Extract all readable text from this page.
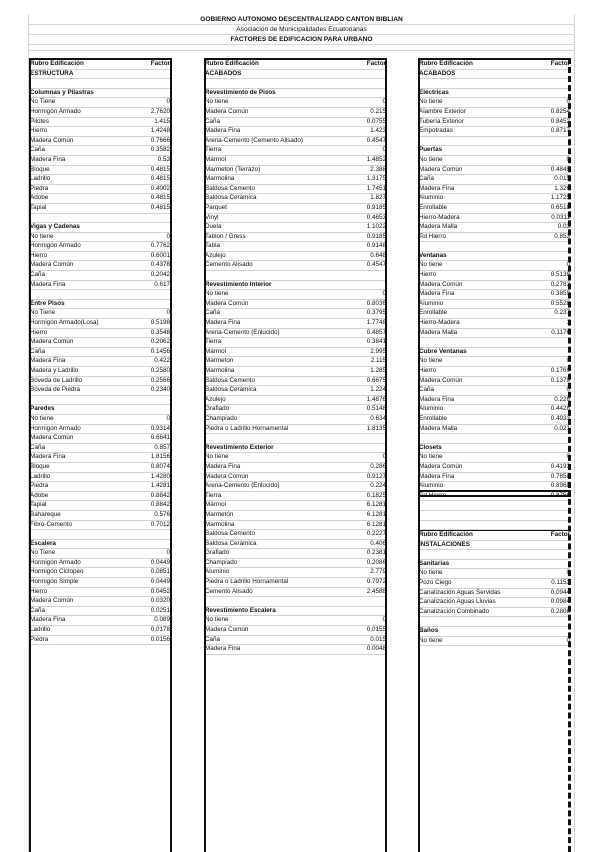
GOBIERNO AUTONOMO DESCENTRALIZADO CANTON BIBLIAN
Asociación de Municipalidades Ecuatorianas
FACTORES DE EDIFICACION PARA URBANO
Rubro Edificación	Factor
ESTRUCTURA
Columnas y Pilastras
No Tiene	0
Hormigón Armado	2.7620
Pilotes	1.415
Hierro	1.4248
Madera Común	0.7666
Caña	0.3582
Madera Fina	0.53
Bloque	0.4815
Ladrillo	0.4815
Piedra	0.4002
Adobe	0.4815
Tapial	0.4815
Vigas y Cadenas
No tiene	0
Hormigón Armado	0.7762
Hierro	0.6001
Madera Común	0.4378
Caña	0.2042
Madera Fina	0.617
Entre Pisos
No Tiene	0
Hormigón Armado(Losa)	0.5198
Hierro	0.3548
Madera Común	0.2062
Caña	0.1456
Madera Fina	0.422
Madera y Ladrillo	0.2580
Bóveda de Ladrillo	0.2566
Bóveda de Piedra	0.2340
Paredes
No tiene	0
Hormigón Armado	0.9314
Madera Común	0.6641
Caña	0.857
Madera Fina	1.8156
Bloque	0.8074
Ladrillo	1.4280
Piedra	1.4281
Adobe	0.8842
Tapial	0.8842
Bahareque	0.576
Fibro-Cemento	0.7012
Escalera
No Tiene	0
Hormigón Armado	0.0449
Hormigón Ciclopeo	0.0851
Hormigón Simple	0.0449
Hierro	0.0452
Madera Común	0.0320
Caña	0.0251
Madera Fina	0.089
Ladrillo	0.0178
Piedra	0.0156
Rubro Edificación	Factor
ACABADOS
Revestimiento de Pisos
No tiene	0
Madera Común	0.215
Caña	0.0755
Madera Fina	1.423
Arena-Cemento (Cemento Alisado)	0.4547
Tierra	0
Mármol	1.4852
Marmeton (Terrazo)	2.388
Marmolina	1.3175
Baldosa Cemento	1.7451
Baldosa Cerámica	1.827
Parquet	0.9185
Vinyl	0.4653
Duela	1.1022
Tablon / Gress	0.9185
Tabla	0.9148
Azulejo	0.648
Cemento Alisado	0.4547
Revestimiento Interior
No tiene	0
Madera Común	0.8036
Caña	0.3795
Madera Fina	1.7748
Arena-Cemento (Enlucido)	0.4857
Tierra	0.3841
Mármol	2.995
Marmeton	2.115
Marmolina	1.285
Baldosa Cemento	0.6675
Baldosa Cerámica	1.224
Azulejo	1.4876
Grafiado	0.5148
Champiado	0.634
Piedra o Ladrillo Hornamental	1.8135
Revestimiento Exterior
No tiene	0
Madera Fina	0.286
Madera Común	0.9127
Arena-Cemento (Enlucido)	0.224
Tierra	0.1825
Mármol	6.1281
Marmetón	6.1281
Marmolina	6.1281
Baldosa Cemento	0.2227
Baldosa Cerámica	0.406
Grafiado	0.2381
Champiado	0.2086
Aluminio	2.779
Piedra o Ladrillo Hornamental	0.7072
Cemento Alisado	2.4588
Revestimiento Escalera
No tiene	0
Madera Común	0.0155
Caña	0.015
Madera Fina	0.0048
Rubro Edificación	Factor
ACABADOS
Eléctricas
No tiene	0
Alambre Exterior	0.8254
Tubería Exterior	0.8452
Empotradas	0.8717
Puertas
No tiene	0
Madera Común	0.4849
Caña	0.015
Madera Fina	1.326
Aluminio	1.1725
Enrollable	0.6518
Hierro-Madera	0.0311
Madera Malla	0.03
Tol Hierro	0.853
Ventanas
No tiene	0
Hierro	0.5138
Madera Común	0.2783
Madera Fina	0.3859
Aluminio	0.5528
Enrollable	0.237
Hierro-Madera	1
Madera Malla	0.1176
Cubre Ventanas
No tiene	0
Hierro	0.1769
Madera Común	0.1379
Caña	0
Madera Fina	0.226
Aluminio	0.4428
Enrollable	0.4933
Madera Malla	0.021
Closets
No tiene	0
Madera Común	0.4193
Madera Fina	0.7858
Aluminio	0.8968
Tol Hierro	0.8756
Rubro Edificación	Factor
INSTALACIONES
Sanitarias
No tiene	0
Pozo Ciego	0.1153
Canalización Aguas Servidas	0.0944
Canalización Aguas Lluvias	0.0984
Canalización Combinado	0.2808
Baños
No tiene	0
